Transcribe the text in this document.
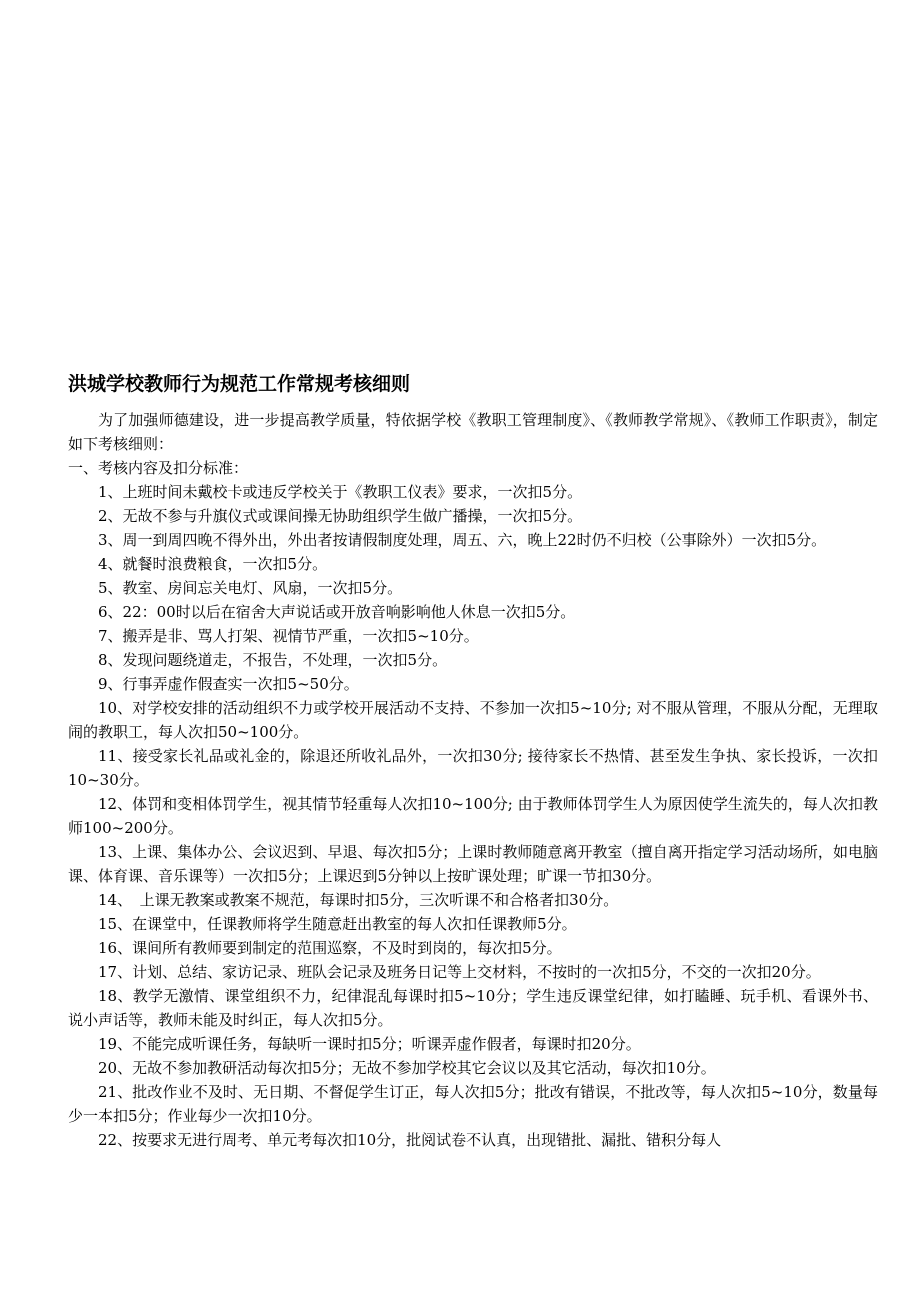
洪城学校教师行为规范工作常规考核细则

为了加强师德建设，进一步提高教学质量，特依据学校《教职工管理制度》、《教师教学常规》、《教师工作职责》，制定如下考核细则：

一、考核内容及扣分标准：

1、上班时间未戴校卡或违反学校关于《教职工仪表》要求，一次扣5分。

2、无故不参与升旗仪式或课间操无协助组织学生做广播操，一次扣5分。

3、周一到周四晚不得外出，外出者按请假制度处理，周五、六，晚上22时仍不归校（公事除外）一次扣5分。

4、就餐时浪费粮食，一次扣5分。

5、教室、房间忘关电灯、风扇，一次扣5分。

6、22：00时以后在宿舍大声说话或开放音响影响他人休息一次扣5分。

7、搬弄是非、骂人打架、视情节严重，一次扣5~10分。

8、发现问题绕道走，不报告，不处理，一次扣5分。

9、行事弄虚作假查实一次扣5~50分。

10、对学校安排的活动组织不力或学校开展活动不支持、不参加一次扣5~10分; 对不服从管理，不服从分配，无理取闹的教职工，每人次扣50~100分。

11、接受家长礼品或礼金的，除退还所收礼品外，一次扣30分; 接待家长不热情、甚至发生争执、家长投诉，一次扣10~30分。

12、体罚和变相体罚学生，视其情节轻重每人次扣10~100分; 由于教师体罚学生人为原因使学生流失的，每人次扣教师100~200分。

13、上课、集体办公、会议迟到、早退、每次扣5分；上课时教师随意离开教室（擅自离开指定学习活动场所，如电脑课、体育课、音乐课等）一次扣5分；上课迟到5分钟以上按旷课处理；旷课一节扣30分。

14、　上课无教案或教案不规范，每课时扣5分，三次听课不和合格者扣30分。

15、在课堂中，任课教师将学生随意赶出教室的每人次扣任课教师5分。

16、课间所有教师要到制定的范围巡察，不及时到岗的，每次扣5分。

17、计划、总结、家访记录、班队会记录及班务日记等上交材料，不按时的一次扣5分，不交的一次扣20分。

18、教学无激情、课堂组织不力，纪律混乱每课时扣5~10分；学生违反课堂纪律，如打瞌睡、玩手机、看课外书、说小声话等，教师未能及时纠正，每人次扣5分。

19、不能完成听课任务，每缺听一课时扣5分；听课弄虚作假者，每课时扣20分。

20、无故不参加教研活动每次扣5分；无故不参加学校其它会议以及其它活动，每次扣10分。

21、批改作业不及时、无日期、不督促学生订正，每人次扣5分；批改有错误，不批改等，每人次扣5~10分，数量每少一本扣5分；作业每少一次扣10分。

22、按要求无进行周考、单元考每次扣10分，批阅试卷不认真，出现错批、漏批、错积分每人
